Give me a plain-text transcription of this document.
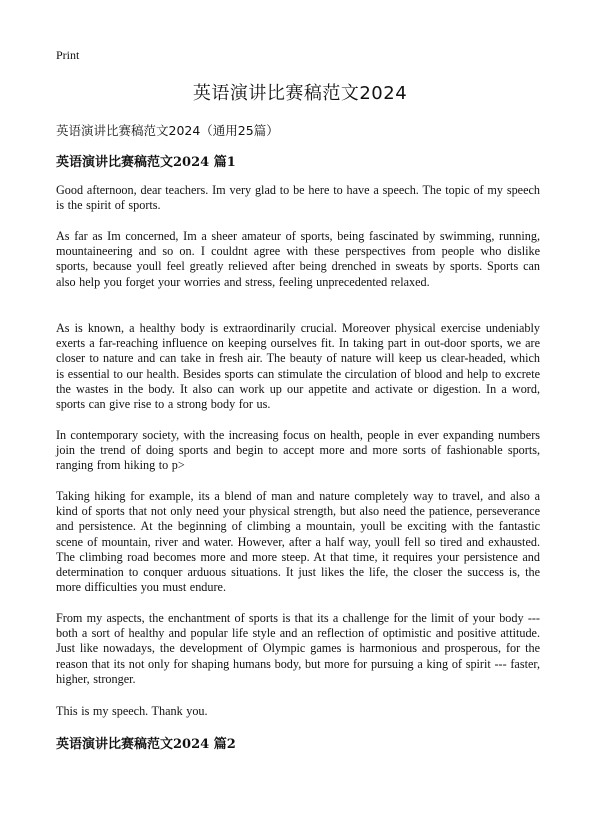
Print
英语演讲比赛稿范文2024

英语演讲比赛稿范文2024（通用25篇）

英语演讲比赛稿范文2024 篇1

Good afternoon, dear teachers. Im very glad to be here to have a speech. The topic of my speech is the spirit of sports.

As far as Im concerned, Im a sheer amateur of sports, being fascinated by swimming, running, mountaineering and so on. I couldnt agree with these perspectives from people who dislike sports, because youll feel greatly relieved after being drenched in sweats by sports. Sports can also help you forget your worries and stress, feeling unprecedented relaxed.

As is known, a healthy body is extraordinarily crucial. Moreover physical exercise undeniably exerts a far-reaching influence on keeping ourselves fit. In taking part in out-door sports, we are closer to nature and can take in fresh air. The beauty of nature will keep us clear-headed, which is essential to our health. Besides sports can stimulate the circulation of blood and help to excrete the wastes in the body. It also can work up our appetite and activate or digestion. In a word, sports can give rise to a strong body for us.

In contemporary society, with the increasing focus on health, people in ever expanding numbers join the trend of doing sports and begin to accept more and more sorts of fashionable sports, ranging from hiking to p>

Taking hiking for example, its a blend of man and nature completely way to travel, and also a kind of sports that not only need your physical strength, but also need the patience, perseverance and persistence. At the beginning of climbing a mountain, youll be exciting with the fantastic scene of mountain, river and water. However, after a half way, youll fell so tired and exhausted. The climbing road becomes more and more steep. At that time, it requires your persistence and determination to conquer arduous situations. It just likes the life, the closer the success is, the more difficulties you must endure.

From my aspects, the enchantment of sports is that its a challenge for the limit of your body --- both a sort of healthy and popular life style and an reflection of optimistic and positive attitude. Just like nowadays, the development of Olympic games is harmonious and prosperous, for the reason that its not only for shaping humans body, but more for pursuing a king of spirit --- faster, higher, stronger.

This is my speech. Thank you.

英语演讲比赛稿范文2024 篇2
